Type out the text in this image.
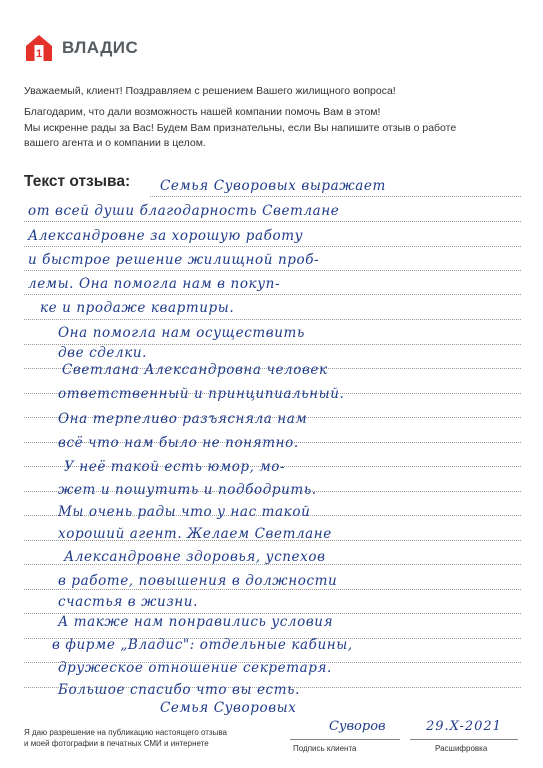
1 ВЛАДИС
Уважаемый, клиент! Поздравляем с решением Вашего жилищного вопроса!
Благодарим, что дали возможность нашей компании помочь Вам в этом!
Мы искренне рады за Вас! Будем Вам признательны, если Вы напишите отзыв о работе
вашего агента и о компании в целом.
Текст отзыва: Семья Суворовых выражает
от всей души благодарность Светлане
Александровне за хорошую работу
и быстрое решение жилищной проб-
лемы. Она помогла нам в покуп-
ке и продаже квартиры.
Она помогла нам осуществить
две сделки.
Светлана Александровна человек
ответственный и принципиальный.
Она терпеливо разъясняла нам
всё что нам было не понятно.
У неё такой есть юмор, мо-
жет и пошутить и подбодрить.
Мы очень рады что у нас такой
хороший агент. Желаем Светлане
Александровне здоровья, успехов
в работе, повышения в должности
счастья в жизни.
А также нам понравились условия
в фирме „Владис": отдельные кабины,
дружеское отношение секретаря.
Большое спасибо что вы есть.
Семья Суворовых
Я даю разрешение на публикацию настоящего отзыва
и моей фотографии в печатных СМИ и интернете
Суворов	29.X-2021
Подпись клиента	Расшифровка
